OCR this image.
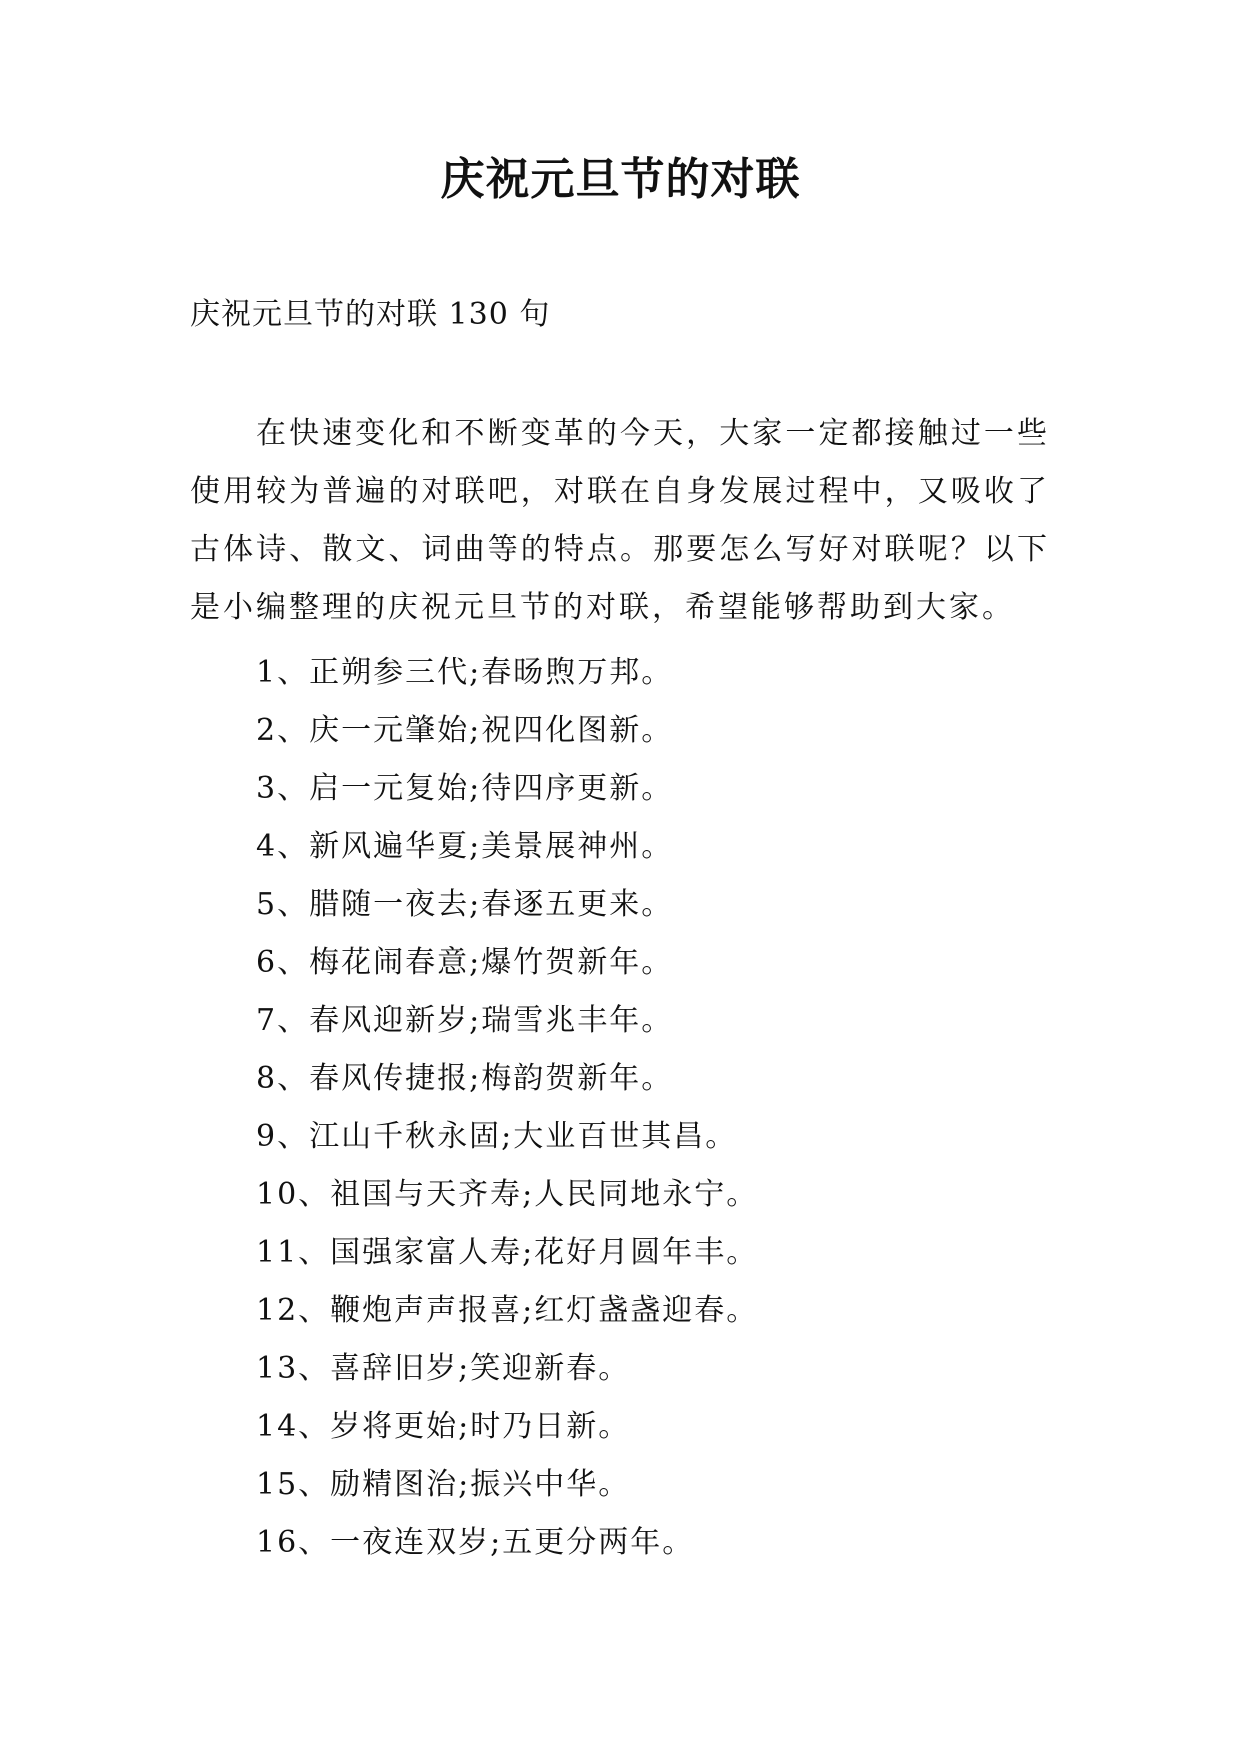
庆祝元旦节的对联
庆祝元旦节的对联 130 句
在快速变化和不断变革的今天，大家一定都接触过一些使用较为普遍的对联吧，对联在自身发展过程中，又吸收了古体诗、散文、词曲等的特点。那要怎么写好对联呢？以下是小编整理的庆祝元旦节的对联，希望能够帮助到大家。
1、正朔参三代;春旸煦万邦。
2、庆一元肇始;祝四化图新。
3、启一元复始;待四序更新。
4、新风遍华夏;美景展神州。
5、腊随一夜去;春逐五更来。
6、梅花闹春意;爆竹贺新年。
7、春风迎新岁;瑞雪兆丰年。
8、春风传捷报;梅韵贺新年。
9、江山千秋永固;大业百世其昌。
10、祖国与天齐寿;人民同地永宁。
11、国强家富人寿;花好月圆年丰。
12、鞭炮声声报喜;红灯盏盏迎春。
13、喜辞旧岁;笑迎新春。
14、岁将更始;时乃日新。
15、励精图治;振兴中华。
16、一夜连双岁;五更分两年。
